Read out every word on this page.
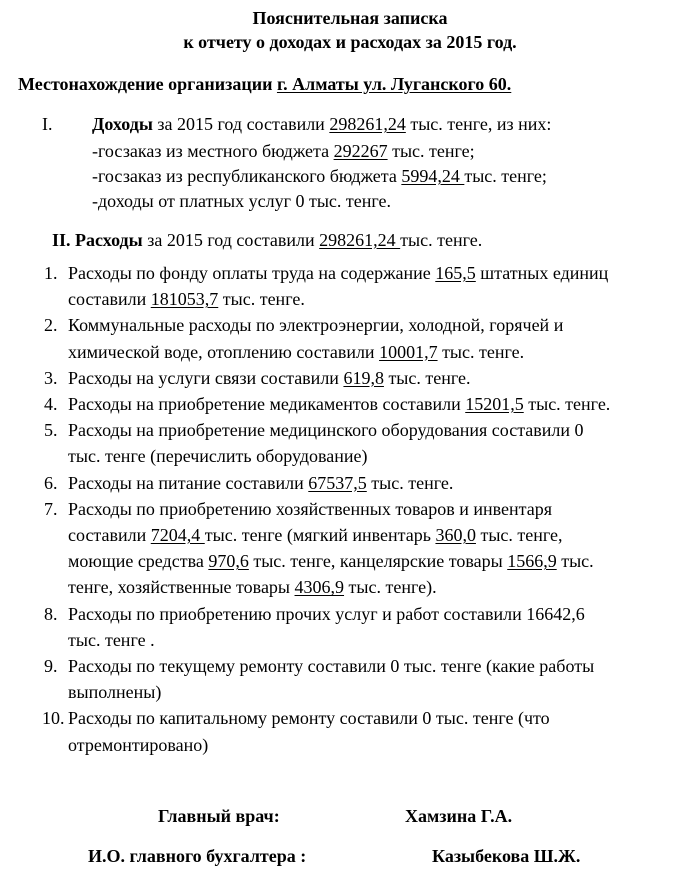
Пояснительная записка
к отчету о доходах и расходах за 2015 год.
Местонахождение организации г. Алматы ул. Луганского 60.
I. Доходы за 2015 год составили 298261,24 тыс. тенге, из них:
-госзаказ из местного бюджета 292267 тыс. тенге;
-госзаказ из республиканского бюджета 5994,24 тыс. тенге;
-доходы от платных услуг 0 тыс. тенге.
II. Расходы за 2015 год составили 298261,24 тыс. тенге.
1. Расходы по фонду оплаты труда на содержание 165,5 штатных единиц
составили 181053,7 тыс. тенге.
2. Коммунальные расходы по электроэнергии, холодной, горячей и
химической воде, отоплению составили 10001,7 тыс. тенге.
3. Расходы на услуги связи составили 619,8 тыс. тенге.
4. Расходы на приобретение медикаментов составили 15201,5 тыс. тенге.
5. Расходы на приобретение медицинского оборудования составили 0
тыс. тенге (перечислить оборудование)
6. Расходы на питание составили 67537,5 тыс. тенге.
7. Расходы по приобретению хозяйственных товаров и инвентаря
составили 7204,4 тыс. тенге (мягкий инвентарь 360,0 тыс. тенге,
моющие средства 970,6 тыс. тенге, канцелярские товары 1566,9 тыс.
тенге, хозяйственные товары 4306,9 тыс. тенге).
8. Расходы по приобретению прочих услуг и работ составили 16642,6
тыс. тенге .
9. Расходы по текущему ремонту составили 0 тыс. тенге (какие работы
выполнены)
10. Расходы по капитальному ремонту составили 0 тыс. тенге (что
отремонтировано)
Главный врач:	Хамзина Г.А.
И.О. главного бухгалтера :	Казыбекова Ш.Ж.
